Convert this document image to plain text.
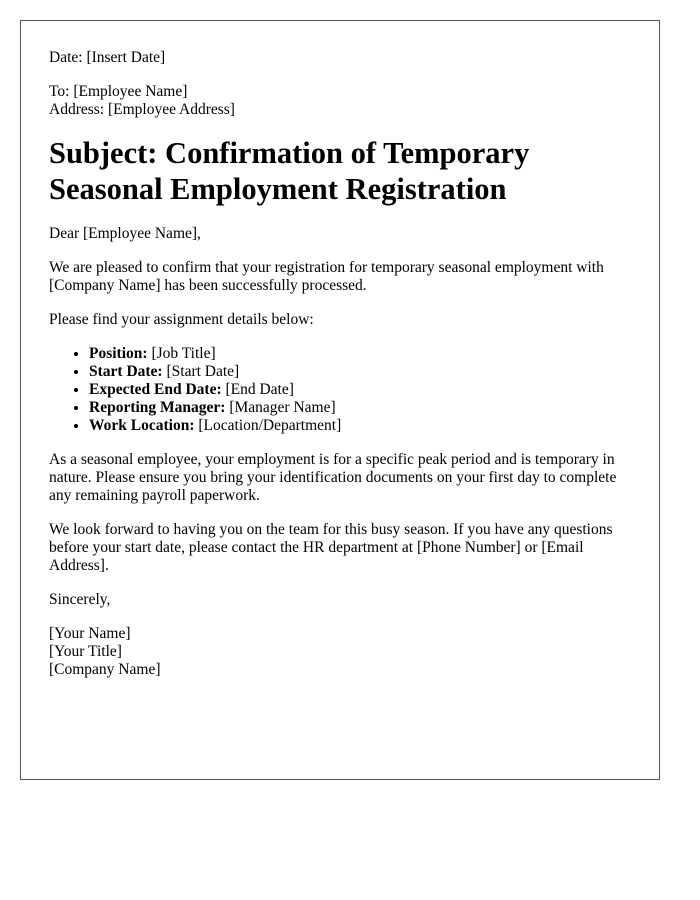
Date: [Insert Date]

To: [Employee Name]
Address: [Employee Address]

Subject: Confirmation of Temporary Seasonal Employment Registration

Dear [Employee Name],

We are pleased to confirm that your registration for temporary seasonal employment with [Company Name] has been successfully processed.

Please find your assignment details below:

• Position: [Job Title]
• Start Date: [Start Date]
• Expected End Date: [End Date]
• Reporting Manager: [Manager Name]
• Work Location: [Location/Department]

As a seasonal employee, your employment is for a specific peak period and is temporary in nature. Please ensure you bring your identification documents on your first day to complete any remaining payroll paperwork.

We look forward to having you on the team for this busy season. If you have any questions before your start date, please contact the HR department at [Phone Number] or [Email Address].

Sincerely,

[Your Name]
[Your Title]
[Company Name]
